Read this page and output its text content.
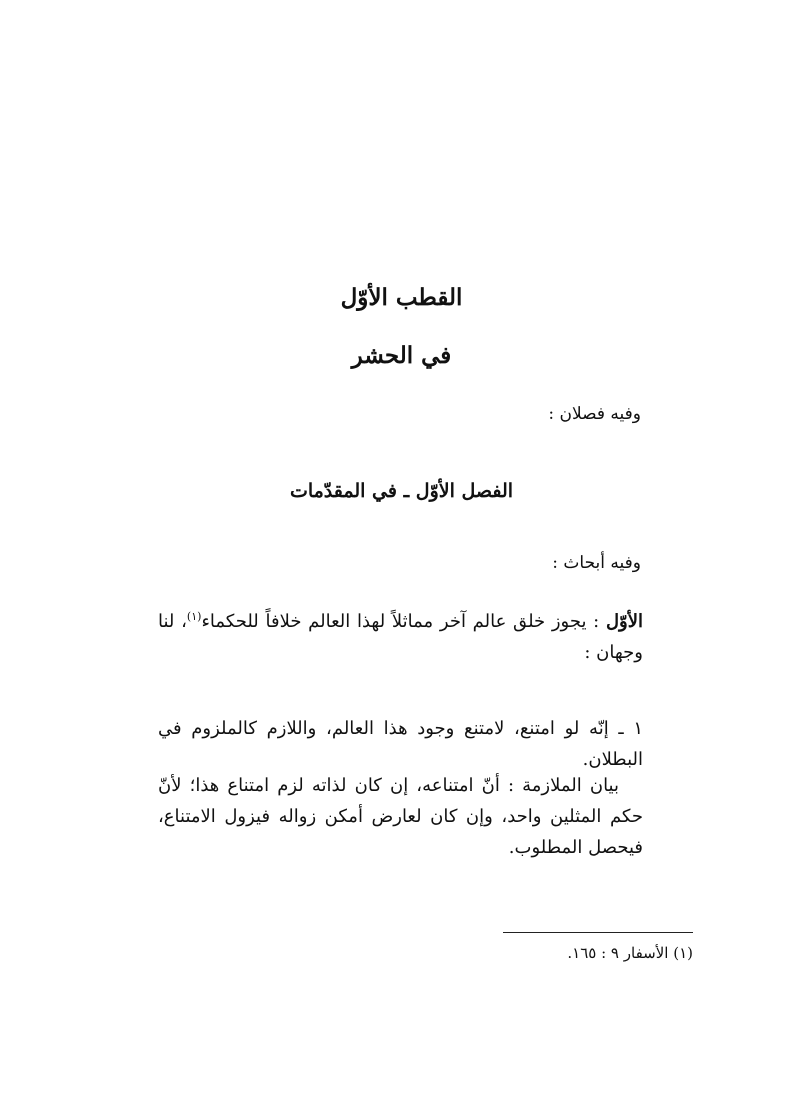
القطب الأوّل
في الحشر
وفيه فصلان :
الفصل الأوّل ـ في المقدّمات
وفيه أبحاث :

الأوّل : يجوز خلق عالم آخر مماثلاً لهذا العالم خلافاً للحكماء$^{(١)}$، لنا وجهان :

١ ـ إنّه لو امتنع، لامتنع وجود هذا العالم، واللازم كالملزوم في البطلان.

بيان الملازمة : أنّ امتناعه، إن كان لذاته لزم امتناع هذا؛ لأنّ حكم المثلين واحد، وإن كان لعارض أمكن زواله فيزول الامتناع، فيحصل المطلوب.

(١) الأسفار ٩ : ١٦٥.
